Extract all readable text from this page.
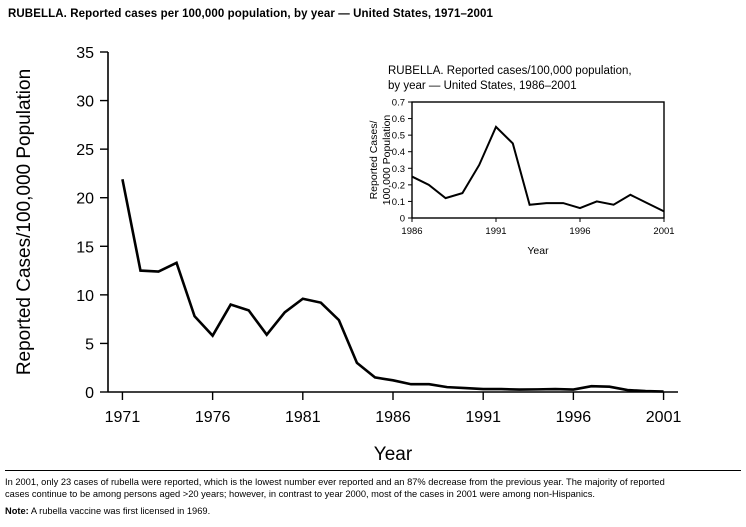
RUBELLA. Reported cases per 100,000 population, by year — United States, 1971–2001
0
5
10
15
20
25
30
35
1971	1976	1981	1986	1991	1996	2001
Year
Reported Cases/100,000 Population	RUBELLA. Reported cases/100,000 population,
by year — United States, 1986–2001
0
0.1
0.2
0.3
0.4
0.5
0.6
0.7
1986	1991	1996	2001
Year
Reported Cases/ 100,000 Population
In 2001, only 23 cases of rubella were reported, which is the lowest number ever reported and an 87% decrease from the previous year. The majority of reported
cases continue to be among persons aged >20 years; however, in contrast to year 2000, most of the cases in 2001 were among non-Hispanics.
Note: A rubella vaccine was first licensed in 1969.
